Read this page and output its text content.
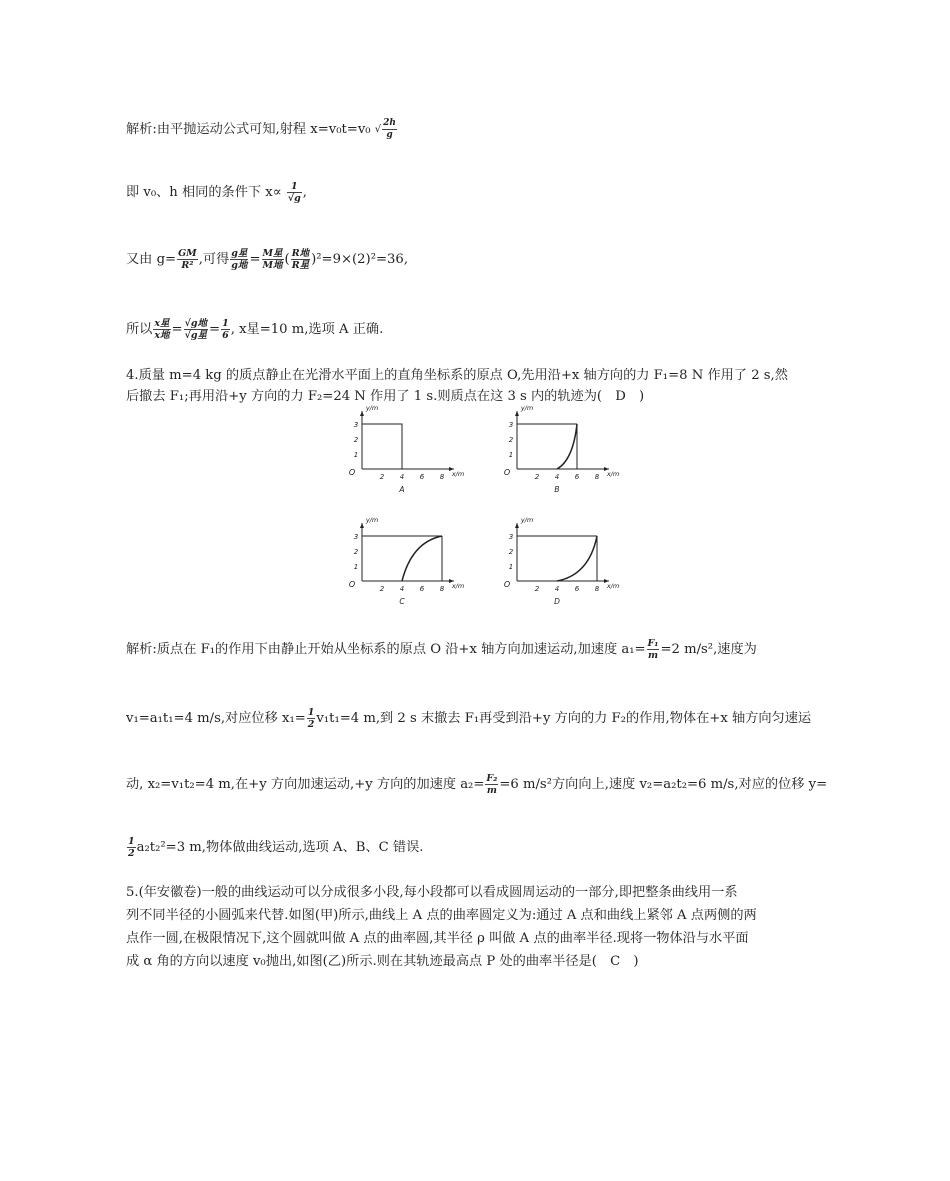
解析:由平抛运动公式可知,射程 x=v₀t=v₀ √ $\frac{2h}{g}$
即 v₀、h 相同的条件下 $x\propto \frac{1}{√g}$ ,
又由 $g= \frac{GM}{\text{R²}}$ ,可得 $\frac{\text{g星}}{\text{g地}} = \frac{\text{M星}}{\text{M地}}$ ( $\frac{\text{R地}}{\text{R星}} )^2=9\times(2)^2=36$,
所以 $\frac{\text{x星}}{\text{x地}} = \frac{\text{√g地}}{\text{√g星}} = \frac{1}{6}$ , x星=10 m,选项 A 正确.
4.质量 m=4 kg 的质点静止在光滑水平面上的直角坐标系的原点 O,先用沿+x 轴方向的力 F₁=8 N 作用了 2 s,然
后撤去 F₁;再用沿+y 方向的力 F₂=24 N 作用了 1 s.则质点在这 3 s 内的轨迹为(　D　)
O
y/m
x/m
2 4 6 8
1
2
3
A
O
y/m
x/m
2 4 6 8
1
2
3
B
O
y/m
x/m
2 4 6 8
1
2
3
C
O
y/m
x/m
2 4 6 8
1
2
3
D
解析:质点在 F₁的作用下由静止开始从坐标系的原点 O 沿+x 轴方向加速运动,加速度 $a_1= \frac{\text{F₁}}{m} =2$ m/s²,速度为
v₁=a₁t₁=4 m/s,对应位移 $x_1= \frac{1}{2} v_1t_1=4$ m,到 2 s 末撤去 F₁再受到沿+y 方向的力 F₂的作用,物体在+x 轴方向匀速运
动, x₂=v₁t₂=4 m,在+y 方向加速运动,+y 方向的加速度 $a_2= \frac{\text{F₂}}{m} =6$ m/s²方向向上,速度 v₂=a₂t₂=6 m/s,对应的位移 y=
$\frac{1}{2} a_2t_2^2=3$ m,物体做曲线运动,选项 A、B、C 错误.
5.(年安徽卷)一般的曲线运动可以分成很多小段,每小段都可以看成圆周运动的一部分,即把整条曲线用一系
列不同半径的小圆弧来代替.如图(甲)所示,曲线上 A 点的曲率圆定义为:通过 A 点和曲线上紧邻 A 点两侧的两
点作一圆,在极限情况下,这个圆就叫做 A 点的曲率圆,其半径 ρ 叫做 A 点的曲率半径.现将一物体沿与水平面
成 α 角的方向以速度 v₀抛出,如图(乙)所示.则在其轨迹最高点 P 处的曲率半径是(　C　)
